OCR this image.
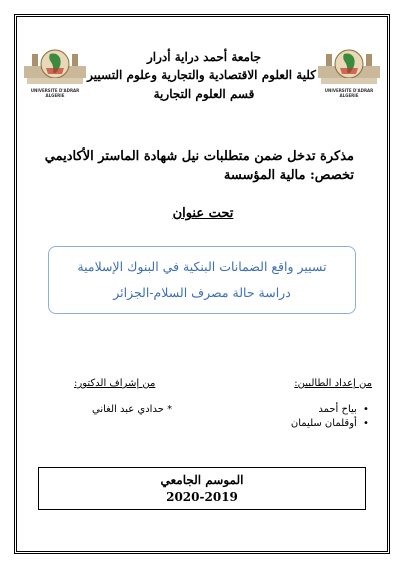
UNIVERSITE D'ADRAR ALGERIE
UNIVERSITE D'ADRAR ALGERIE
جامعة أحمد دراية أدرار
كلية العلوم الاقتصادية والتجارية وعلوم التسيير
قسم العلوم التجارية
مذكرة تدخل ضمن متطلبات نيل شهادة الماستر الأكاديمي
تخصص: مالية المؤسسة
تحت عنوان
تسيير واقع الضمانات البنكية في البنوك الإسلامية
دراسة حالة مصرف السلام-الجزائر
من إعداد الطالبين:
من إشراف الدكتور:
• بياح أحمد
• أوقلمان سليمان
* حدادي عبد الغاني
الموسم الجامعي
2020-2019
